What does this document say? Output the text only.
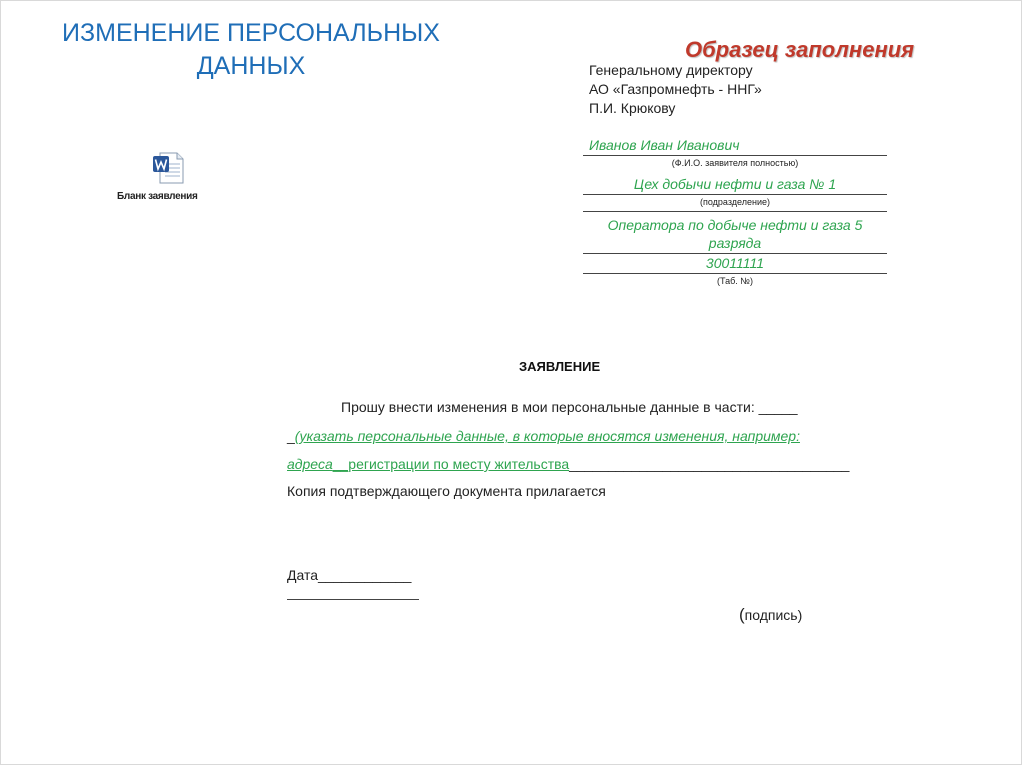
ИЗМЕНЕНИЕ ПЕРСОНАЛЬНЫХ
ДАННЫХ
Образец заполнения
Генеральному директору
АО «Газпромнефть - ННГ»
П.И. Крюкову
Иванов Иван Иванович
(Ф.И.О. заявителя полностью)
Цех добычи нефти и газа № 1
(подразделение)
Оператора по добыче нефти и газа 5 разряда
30011111
(Таб. №)
Бланк заявления
ЗАЯВЛЕНИЕ
Прошу внести изменения в мои персональные данные в части: _____
_(указать персональные данные, в которые вносятся изменения, например:
адреса__регистрации по месту жительства____________________________________
Копия подтверждающего документа прилагается
Дата____________
(подпись)
